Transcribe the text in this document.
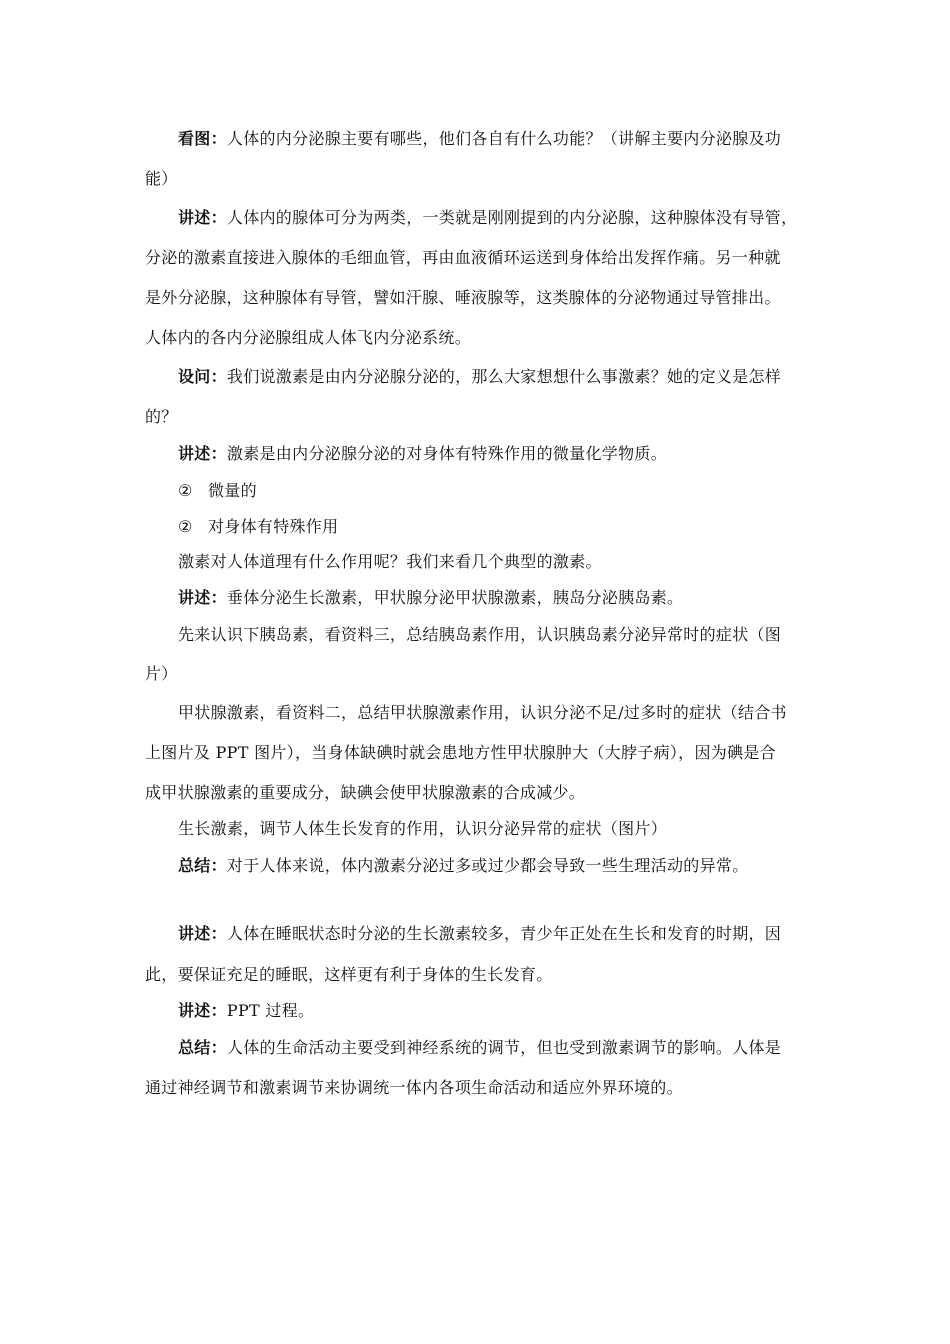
看图：人体的内分泌腺主要有哪些，他们各自有什么功能？（讲解主要内分泌腺及功
能）
讲述：人体内的腺体可分为两类，一类就是刚刚提到的内分泌腺，这种腺体没有导管，
分泌的激素直接进入腺体的毛细血管，再由血液循环运送到身体给出发挥作痛。另一种就
是外分泌腺，这种腺体有导管，譬如汗腺、唾液腺等，这类腺体的分泌物通过导管排出。
人体内的各内分泌腺组成人体飞内分泌系统。
设问：我们说激素是由内分泌腺分泌的，那么大家想想什么事激素？她的定义是怎样
的？
讲述：激素是由内分泌腺分泌的对身体有特殊作用的微量化学物质。
② 微量的
② 对身体有特殊作用
激素对人体道理有什么作用呢？我们来看几个典型的激素。
讲述：垂体分泌生长激素，甲状腺分泌甲状腺激素，胰岛分泌胰岛素。
先来认识下胰岛素，看资料三，总结胰岛素作用，认识胰岛素分泌异常时的症状（图
片）
甲状腺激素，看资料二，总结甲状腺激素作用，认识分泌不足/过多时的症状（结合书
上图片及 PPT 图片），当身体缺碘时就会患地方性甲状腺肿大（大脖子病），因为碘是合
成甲状腺激素的重要成分，缺碘会使甲状腺激素的合成减少。
生长激素，调节人体生长发育的作用，认识分泌异常的症状（图片）
总结：对于人体来说，体内激素分泌过多或过少都会导致一些生理活动的异常。
讲述：人体在睡眠状态时分泌的生长激素较多，青少年正处在生长和发育的时期，因
此，要保证充足的睡眠，这样更有利于身体的生长发育。
讲述：PPT 过程。
总结：人体的生命活动主要受到神经系统的调节，但也受到激素调节的影响。人体是
通过神经调节和激素调节来协调统一体内各项生命活动和适应外界环境的。
